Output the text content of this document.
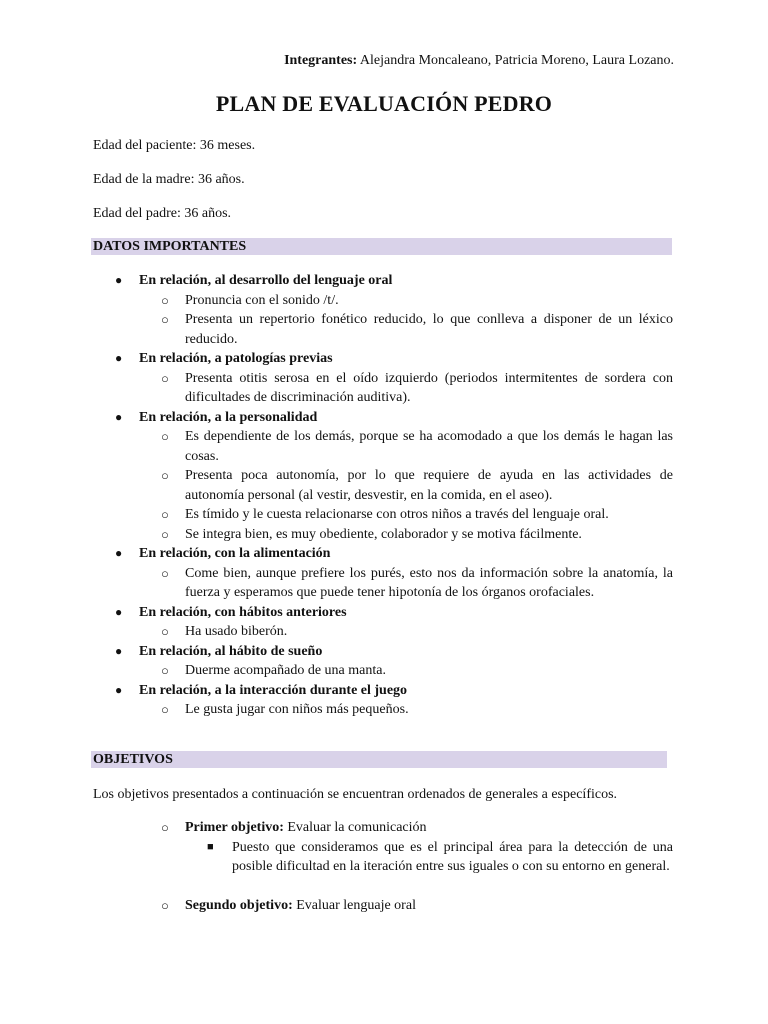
Integrantes: Alejandra Moncaleano, Patricia Moreno, Laura Lozano.
PLAN DE EVALUACIÓN PEDRO
Edad del paciente: 36 meses.
Edad de la madre: 36 años.
Edad del padre: 36 años.
DATOS IMPORTANTES
● En relación, al desarrollo del lenguaje oral
○ Pronuncia con el sonido /t/.
○ Presenta un repertorio fonético reducido, lo que conlleva a disponer de un léxico reducido.
● En relación, a patologías previas
○ Presenta otitis serosa en el oído izquierdo (periodos intermitentes de sordera con dificultades de discriminación auditiva).
● En relación, a la personalidad
○ Es dependiente de los demás, porque se ha acomodado a que los demás le hagan las cosas.
○ Presenta poca autonomía, por lo que requiere de ayuda en las actividades de autonomía personal (al vestir, desvestir, en la comida, en el aseo).
○ Es tímido y le cuesta relacionarse con otros niños a través del lenguaje oral.
○ Se integra bien, es muy obediente, colaborador y se motiva fácilmente.
● En relación, con la alimentación
○ Come bien, aunque prefiere los purés, esto nos da información sobre la anatomía, la fuerza y esperamos que puede tener hipotonía de los órganos orofaciales.
● En relación, con hábitos anteriores
○ Ha usado biberón.
● En relación, al hábito de sueño
○ Duerme acompañado de una manta.
● En relación, a la interacción durante el juego
○ Le gusta jugar con niños más pequeños.
OBJETIVOS
Los objetivos presentados a continuación se encuentran ordenados de generales a específicos.
○ Primer objetivo: Evaluar la comunicación
■ Puesto que consideramos que es el principal área para la detección de una posible dificultad en la iteración entre sus iguales o con su entorno en general.
○ Segundo objetivo: Evaluar lenguaje oral
